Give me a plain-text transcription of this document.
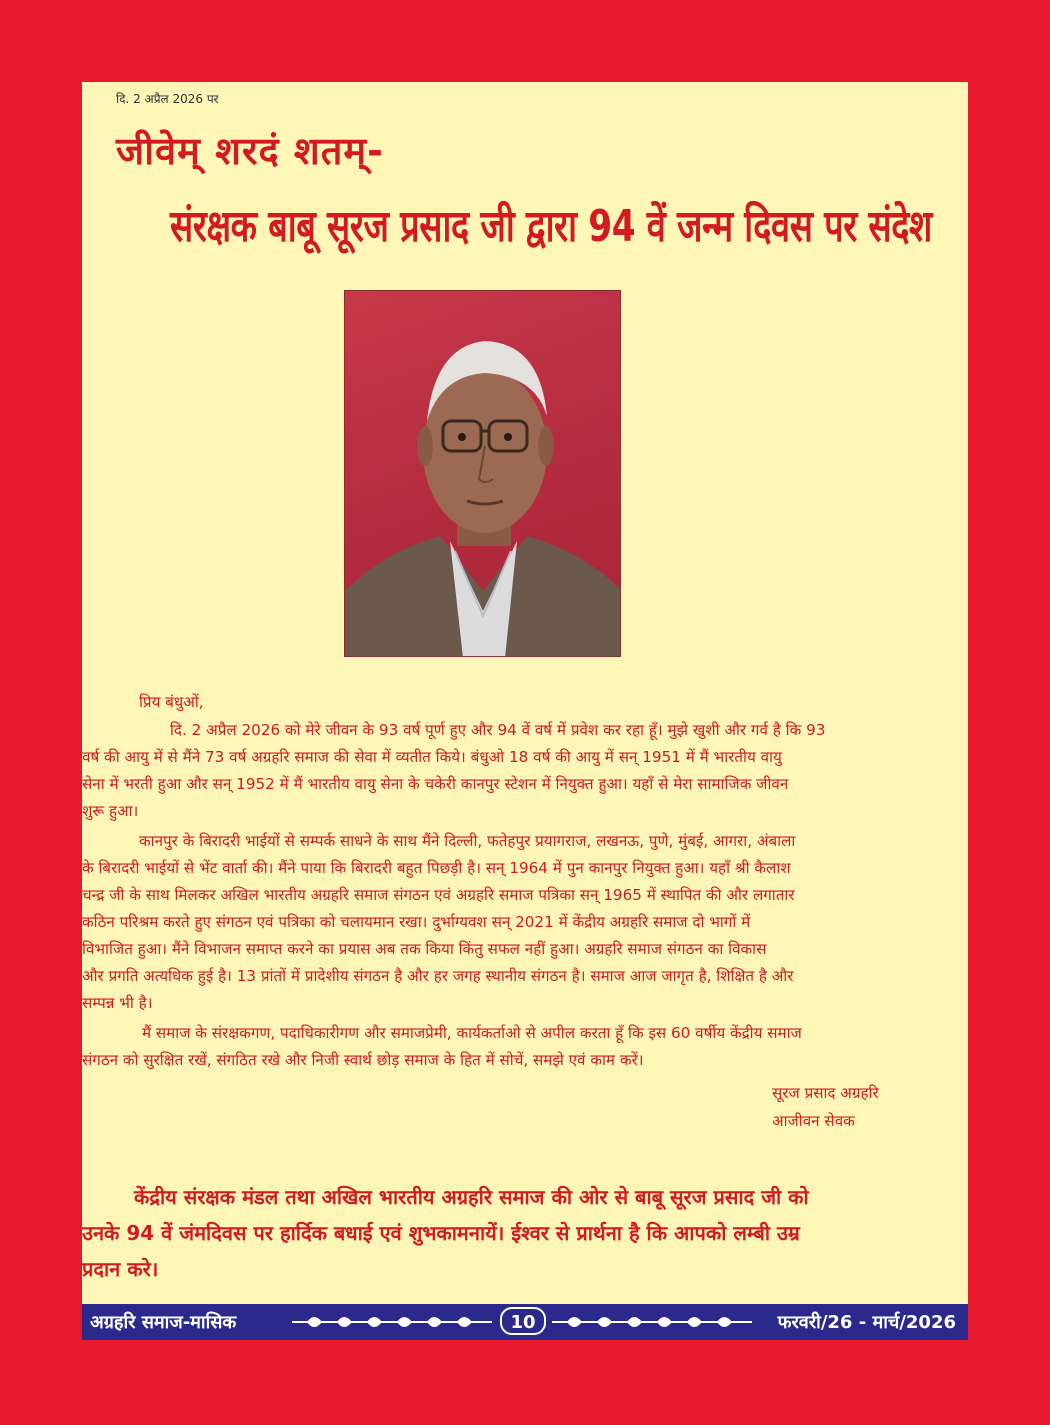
दि. 2 अप्रैल 2026 पर
जीवेम् शरदं शतम्-
संरक्षक बाबू सूरज प्रसाद जी द्वारा 94 वें जन्म दिवस पर संदेश
प्रिय बंधुओं,
दि. 2 अप्रैल 2026 को मेरे जीवन के 93 वर्ष पूर्ण हुए और 94 वें वर्ष में प्रवेश कर रहा हूँ। मुझे खुशी और गर्व है कि 93
वर्ष की आयु में से मैंने 73 वर्ष अग्रहरि समाज की सेवा में व्यतीत किये। बंधुओ 18 वर्ष की आयु में सन् 1951 में मैं भारतीय वायु
सेना में भरती हुआ और सन् 1952 में मैं भारतीय वायु सेना के चकेरी कानपुर स्टेशन में नियुक्त हुआ। यहाँ से मेरा सामाजिक जीवन
शुरू हुआ।
कानपुर के बिरादरी भाईयों से सम्पर्क साधने के साथ मैंने दिल्ली, फतेहपुर प्रयागराज, लखनऊ, पुणे, मुंबई, आगरा, अंबाला
के बिरादरी भाईयों से भेंट वार्ता की। मैंने पाया कि बिरादरी बहुत पिछड़ी है। सन् 1964 में पुन कानपुर नियुक्त हुआ। यहाँ श्री कैलाश
चन्द्र जी के साथ मिलकर अखिल भारतीय अग्रहरि समाज संगठन एवं अग्रहरि समाज पत्रिका सन् 1965 में स्थापित की और लगातार
कठिन परिश्रम करते हुए संगठन एवं पत्रिका को चलायमान रखा। दुर्भाग्यवश सन् 2021 में केंद्रीय अग्रहरि समाज दो भागों में
विभाजित हुआ। मैंने विभाजन समाप्त करने का प्रयास अब तक किया किंतु सफल नहीं हुआ। अग्रहरि समाज संगठन का विकास
और प्रगति अत्यधिक हुई है। 13 प्रांतों में प्रादेशीय संगठन है और हर जगह स्थानीय संगठन है। समाज आज जागृत है, शिक्षित है और
सम्पन्न भी है।
मैं समाज के संरक्षकगण, पदाधिकारीगण और समाजप्रेमी, कार्यकर्ताओ से अपील करता हूँ कि इस 60 वर्षीय केंद्रीय समाज
संगठन को सुरक्षित रखें, संगठित रखे और निजी स्वार्थ छोड़ समाज के हित में सोचें, समझे एवं काम करें।
सूरज प्रसाद अग्रहरि
आजीवन सेवक
केंद्रीय संरक्षक मंडल तथा अखिल भारतीय अग्रहरि समाज की ओर से बाबू सूरज प्रसाद जी को
उनके 94 वें जंमदिवस पर हार्दिक बधाई एवं शुभकामनायें। ईश्वर से प्रार्थना है कि आपको लम्बी उम्र
प्रदान करे।
अग्रहरि समाज-मासिक	10	फरवरी/26 - मार्च/2026
